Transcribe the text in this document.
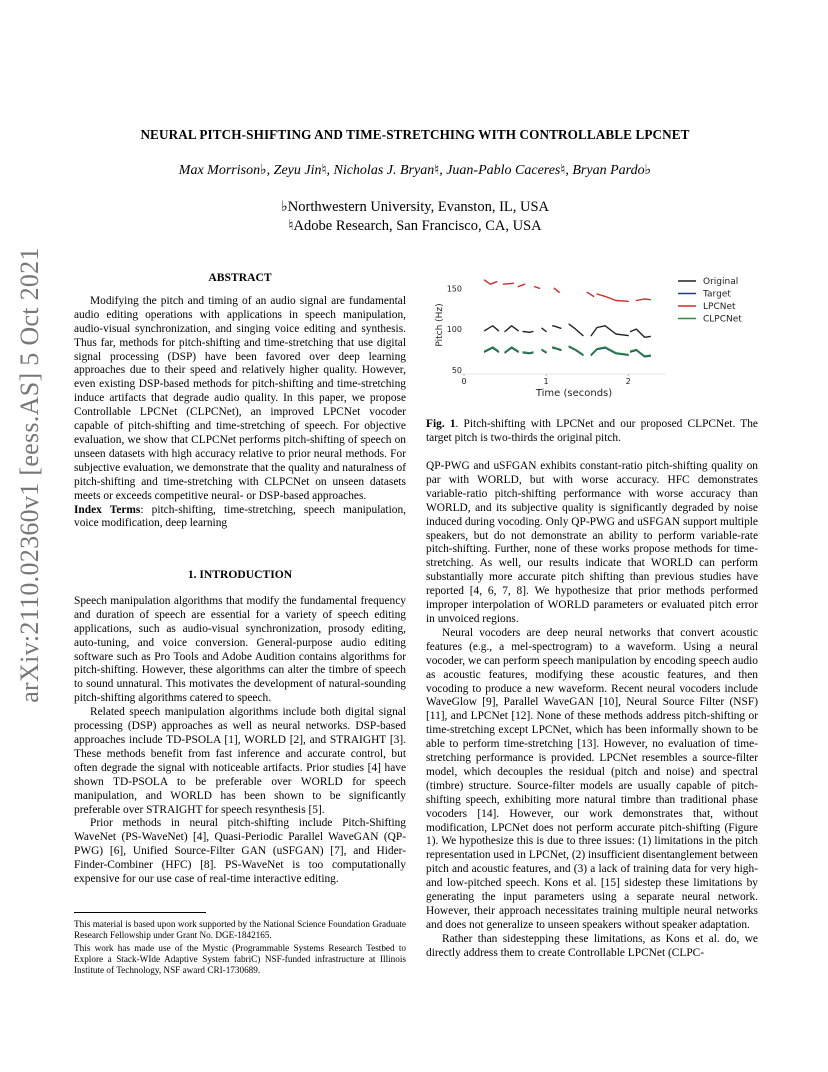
arXiv:2110.02360v1 [eess.AS] 5 Oct 2021
NEURAL PITCH-SHIFTING AND TIME-STRETCHING WITH CONTROLLABLE LPCNET
Max Morrison♭, Zeyu Jin♮, Nicholas J. Bryan♮, Juan-Pablo Caceres♮, Bryan Pardo♭
♭Northwestern University, Evanston, IL, USA
♮Adobe Research, San Francisco, CA, USA
ABSTRACT

Modifying the pitch and timing of an audio signal are fundamental audio editing operations with applications in speech manipulation, audio-visual synchronization, and singing voice editing and synthesis. Thus far, methods for pitch-shifting and time-stretching that use digital signal processing (DSP) have been favored over deep learning approaches due to their speed and relatively higher quality. However, even existing DSP-based methods for pitch-shifting and time-stretching induce artifacts that degrade audio quality. In this paper, we propose Controllable LPCNet (CLPCNet), an improved LPCNet vocoder capable of pitch-shifting and time-stretching of speech. For objective evaluation, we show that CLPCNet performs pitch-shifting of speech on unseen datasets with high accuracy relative to prior neural methods. For subjective evaluation, we demonstrate that the quality and naturalness of pitch-shifting and time-stretching with CLPCNet on unseen datasets meets or exceeds competitive neural- or DSP-based approaches.

Index Terms: pitch-shifting, time-stretching, speech manipulation, voice modification, deep learning

1. INTRODUCTION

Speech manipulation algorithms that modify the fundamental frequency and duration of speech are essential for a variety of speech editing applications, such as audio-visual synchronization, prosody editing, auto-tuning, and voice conversion. General-purpose audio editing software such as Pro Tools and Adobe Audition contains algorithms for pitch-shifting. However, these algorithms can alter the timbre of speech to sound unnatural. This motivates the development of natural-sounding pitch-shifting algorithms catered to speech.

Related speech manipulation algorithms include both digital signal processing (DSP) approaches as well as neural networks. DSP-based approaches include TD-PSOLA [1], WORLD [2], and STRAIGHT [3]. These methods benefit from fast inference and accurate control, but often degrade the signal with noticeable artifacts. Prior studies [4] have shown TD-PSOLA to be preferable over WORLD for speech manipulation, and WORLD has been shown to be significantly preferable over STRAIGHT for speech resynthesis [5].

Prior methods in neural pitch-shifting include Pitch-Shifting WaveNet (PS-WaveNet) [4], Quasi-Periodic Parallel WaveGAN (QP-PWG) [6], Unified Source-Filter GAN (uSFGAN) [7], and Hider-Finder-Combiner (HFC) [8]. PS-WaveNet is too computationally expensive for our use case of real-time interactive editing.

This material is based upon work supported by the National Science Foundation Graduate Research Fellowship under Grant No. DGE-1842165.
This work has made use of the Mystic (Programmable Systems Research Testbed to Explore a Stack-WIde Adaptive System fabriC) NSF-funded infrastructure at Illinois Institute of Technology, NSF award CRI-1730689.
50
100
150
0	1	2
Pitch (Hz)
Time (seconds)
Original
Target
LPCNet
CLPCNet
Fig. 1. Pitch-shifting with LPCNet and our proposed CLPCNet. The target pitch is two-thirds the original pitch.

QP-PWG and uSFGAN exhibits constant-ratio pitch-shifting quality on par with WORLD, but with worse accuracy. HFC demonstrates variable-ratio pitch-shifting performance with worse accuracy than WORLD, and its subjective quality is significantly degraded by noise induced during vocoding. Only QP-PWG and uSFGAN support multiple speakers, but do not demonstrate an ability to perform variable-rate pitch-shifting. Further, none of these works propose methods for time-stretching. As well, our results indicate that WORLD can perform substantially more accurate pitch shifting than previous studies have reported [4, 6, 7, 8]. We hypothesize that prior methods performed improper interpolation of WORLD parameters or evaluated pitch error in unvoiced regions.

Neural vocoders are deep neural networks that convert acoustic features (e.g., a mel-spectrogram) to a waveform. Using a neural vocoder, we can perform speech manipulation by encoding speech audio as acoustic features, modifying these acoustic features, and then vocoding to produce a new waveform. Recent neural vocoders include WaveGlow [9], Parallel WaveGAN [10], Neural Source Filter (NSF) [11], and LPCNet [12]. None of these methods address pitch-shifting or time-stretching except LPCNet, which has been informally shown to be able to perform time-stretching [13]. However, no evaluation of time-stretching performance is provided. LPCNet resembles a source-filter model, which decouples the residual (pitch and noise) and spectral (timbre) structure. Source-filter models are usually capable of pitch-shifting speech, exhibiting more natural timbre than traditional phase vocoders [14]. However, our work demonstrates that, without modification, LPCNet does not perform accurate pitch-shifting (Figure 1). We hypothesize this is due to three issues: (1) limitations in the pitch representation used in LPCNet, (2) insufficient disentanglement between pitch and acoustic features, and (3) a lack of training data for very high- and low-pitched speech. Kons et al. [15] sidestep these limitations by generating the input parameters using a separate neural network. However, their approach necessitates training multiple neural networks and does not generalize to unseen speakers without speaker adaptation.

Rather than sidestepping these limitations, as Kons et al. do, we directly address them to create Controllable LPCNet (CLPC-
